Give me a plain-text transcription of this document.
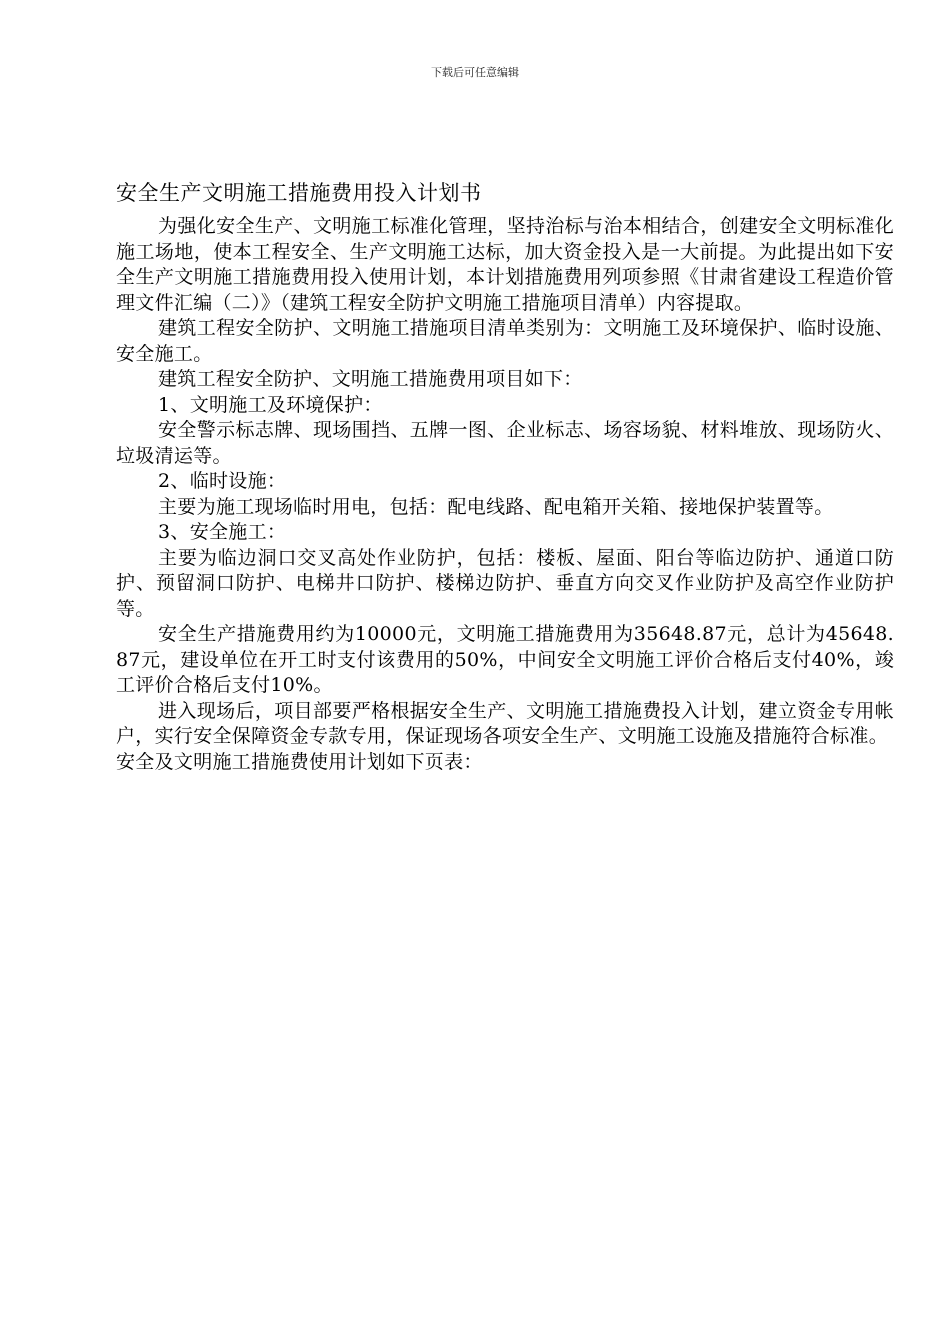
下载后可任意编辑
安全生产文明施工措施费用投入计划书

为强化安全生产、文明施工标准化管理，坚持治标与治本相结合，创建安全文明标准化施工场地，使本工程安全、生产文明施工达标，加大资金投入是一大前提。为此提出如下安全生产文明施工措施费用投入使用计划，本计划措施费用列项参照《甘肃省建设工程造价管理文件汇编（二）》（建筑工程安全防护文明施工措施项目清单）内容提取。

建筑工程安全防护、文明施工措施项目清单类别为：文明施工及环境保护、临时设施、安全施工。

建筑工程安全防护、文明施工措施费用项目如下：

1、文明施工及环境保护：

安全警示标志牌、现场围挡、五牌一图、企业标志、场容场貌、材料堆放、现场防火、垃圾清运等。

2、临时设施：

主要为施工现场临时用电，包括：配电线路、配电箱开关箱、接地保护装置等。

3、安全施工：

主要为临边洞口交叉高处作业防护，包括：楼板、屋面、阳台等临边防护、通道口防护、预留洞口防护、电梯井口防护、楼梯边防护、垂直方向交叉作业防护及高空作业防护等。

安全生产措施费用约为10000元，文明施工措施费用为35648.87元，总计为45648.87元，建设单位在开工时支付该费用的50%，中间安全文明施工评价合格后支付40%，竣工评价合格后支付10%。

进入现场后，项目部要严格根据安全生产、文明施工措施费投入计划，建立资金专用帐户，实行安全保障资金专款专用，保证现场各项安全生产、文明施工设施及措施符合标准。

安全及文明施工措施费使用计划如下页表：
